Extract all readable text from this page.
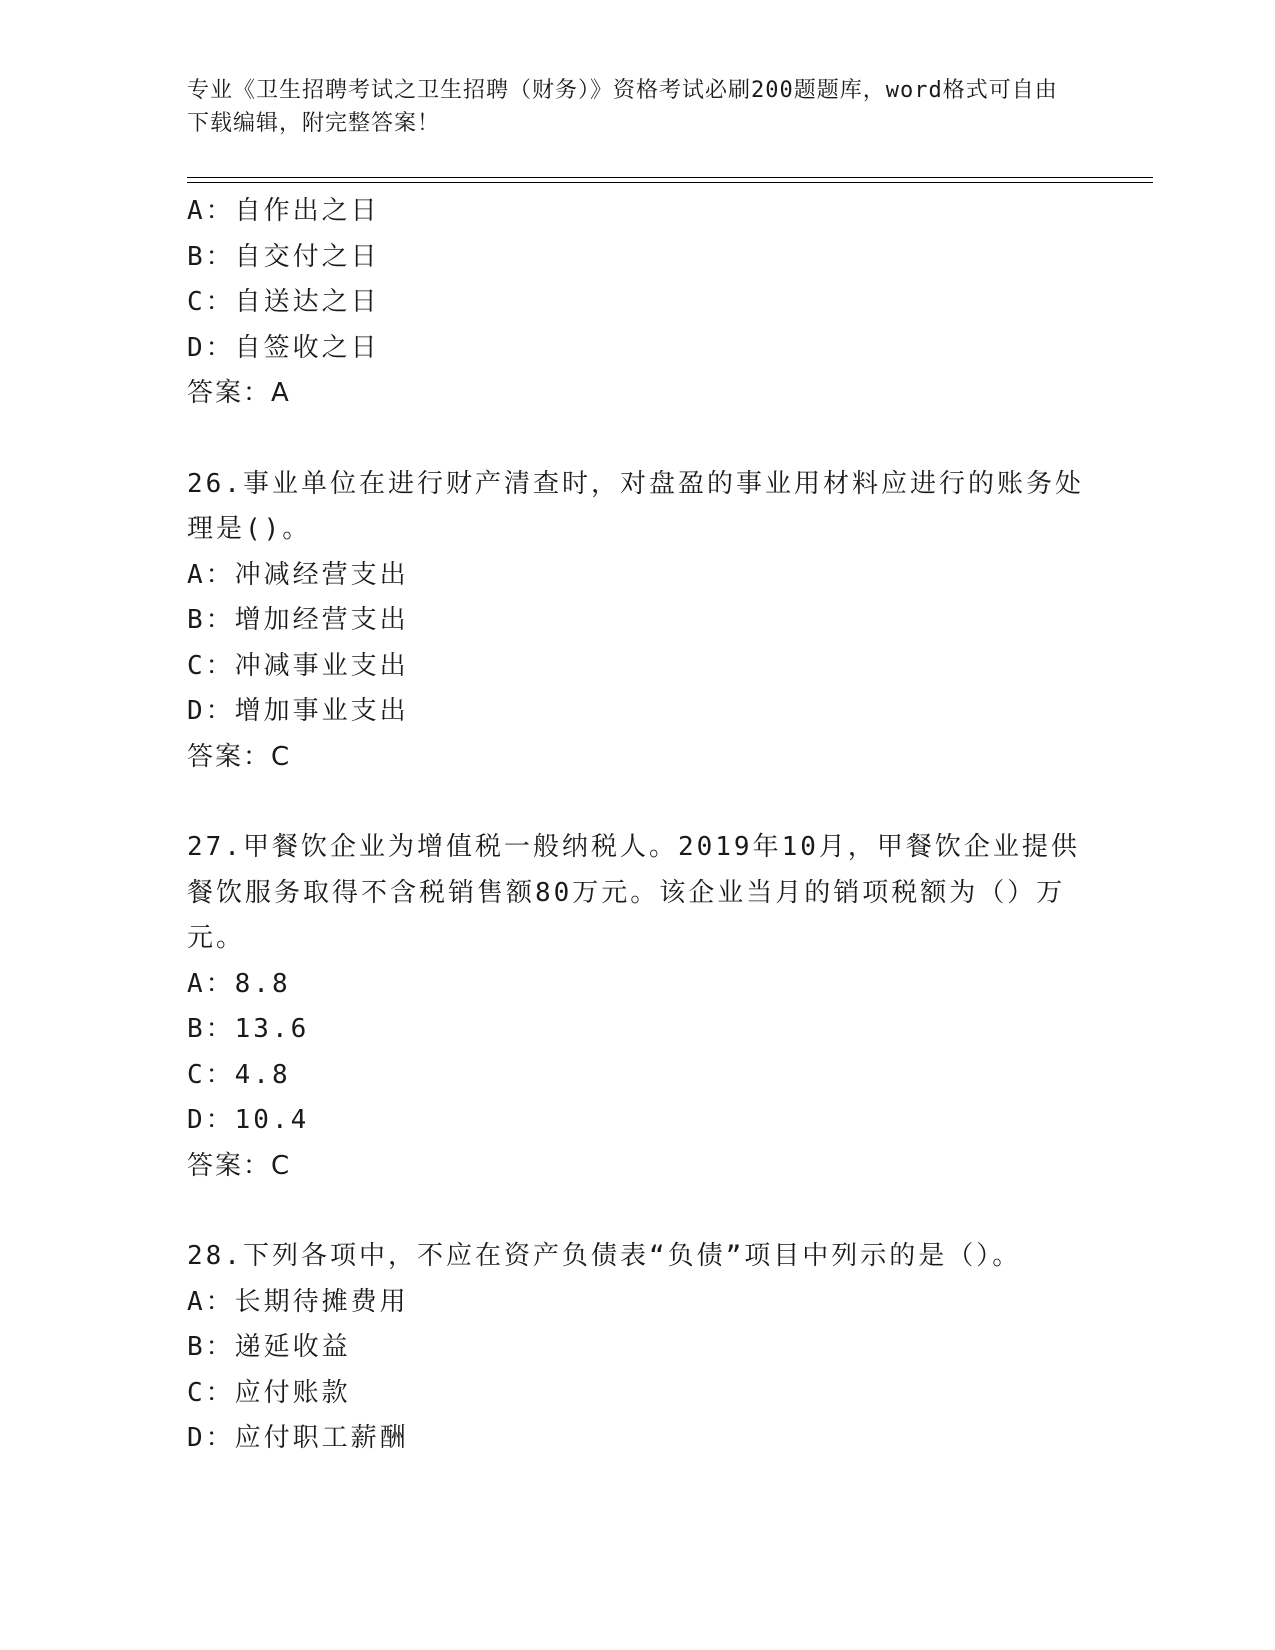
专业《卫生招聘考试之卫生招聘（财务）》资格考试必刷200题题库，word格式可自由下载编辑，附完整答案！
A：自作出之日
B：自交付之日
C：自送达之日
D：自签收之日
答案：A
26.事业单位在进行财产清查时，对盘盈的事业用材料应进行的账务处理是()。
A：冲减经营支出
B：增加经营支出
C：冲减事业支出
D：增加事业支出
答案：C
27.甲餐饮企业为增值税一般纳税人。2019年10月，甲餐饮企业提供餐饮服务取得不含税销售额80万元。该企业当月的销项税额为（）万元。
A：8.8
B：13.6
C：4.8
D：10.4
答案：C
28.下列各项中，不应在资产负债表“负债”项目中列示的是（）。
A：长期待摊费用
B：递延收益
C：应付账款
D：应付职工薪酬
